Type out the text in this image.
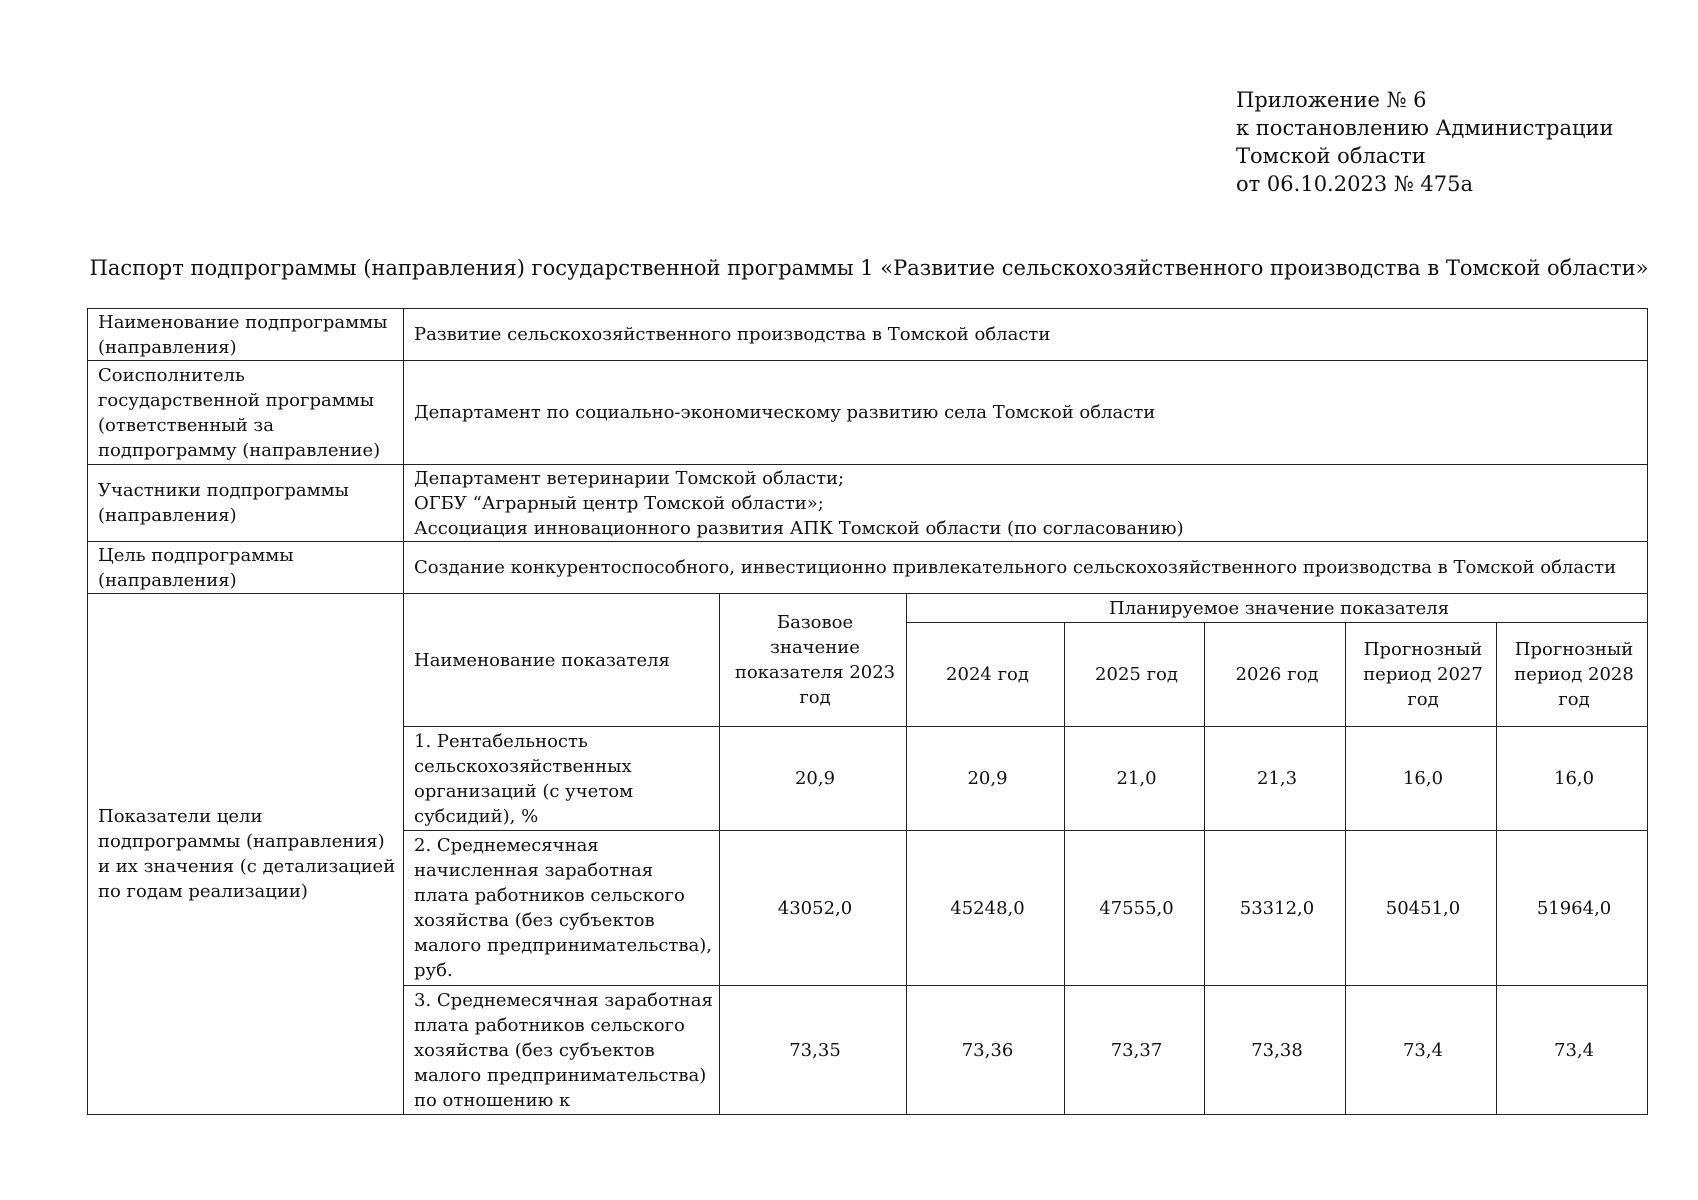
Приложение № 6
к постановлению Администрации
Томской области
от 06.10.2023 № 475а
Паспорт подпрограммы (направления) государственной программы 1 «Развитие сельскохозяйственного производства в Томской области»
Наименование подпрограммы (направления)	Развитие сельскохозяйственного производства в Томской области						
Соисполнитель государственной программы (ответственный за подпрограмму (направление)	Департамент по социально-экономическому развитию села Томской области						
Участники подпрограммы (направления)	Департамент ветеринарии Томской области;
ОГБУ “Аграрный центр Томской области»;
Ассоциация инновационного развития АПК Томской области (по согласованию)						

Цель подпрограммы (направления)	Создание конкурентоспособного, инвестиционно привлекательного сельскохозяйственного производства в Томской области						
Показатели цели подпрограммы (направления) и их значения (с детализацией по годам реализации)	Наименование показателя	Базовое значение показателя 2023 год	Планируемое значение показателя				
			2024 год	2025 год	2026 год	Прогнозный период 2027 год	Прогнозный период 2028 год
	1. Рентабельность сельскохозяйственных организаций (с учетом субсидий), %	20,9	20,9	21,0	21,3	16,0	16,0
	2. Среднемесячная начисленная заработная плата работников сельского хозяйства (без субъектов малого предпринимательства), руб.	43052,0	45248,0	47555,0	53312,0	50451,0	51964,0
	3. Среднемесячная заработная плата работников сельского хозяйства (без субъектов малого предпринимательства) по отношению к	73,35	73,36	73,37	73,38	73,4	73,4
